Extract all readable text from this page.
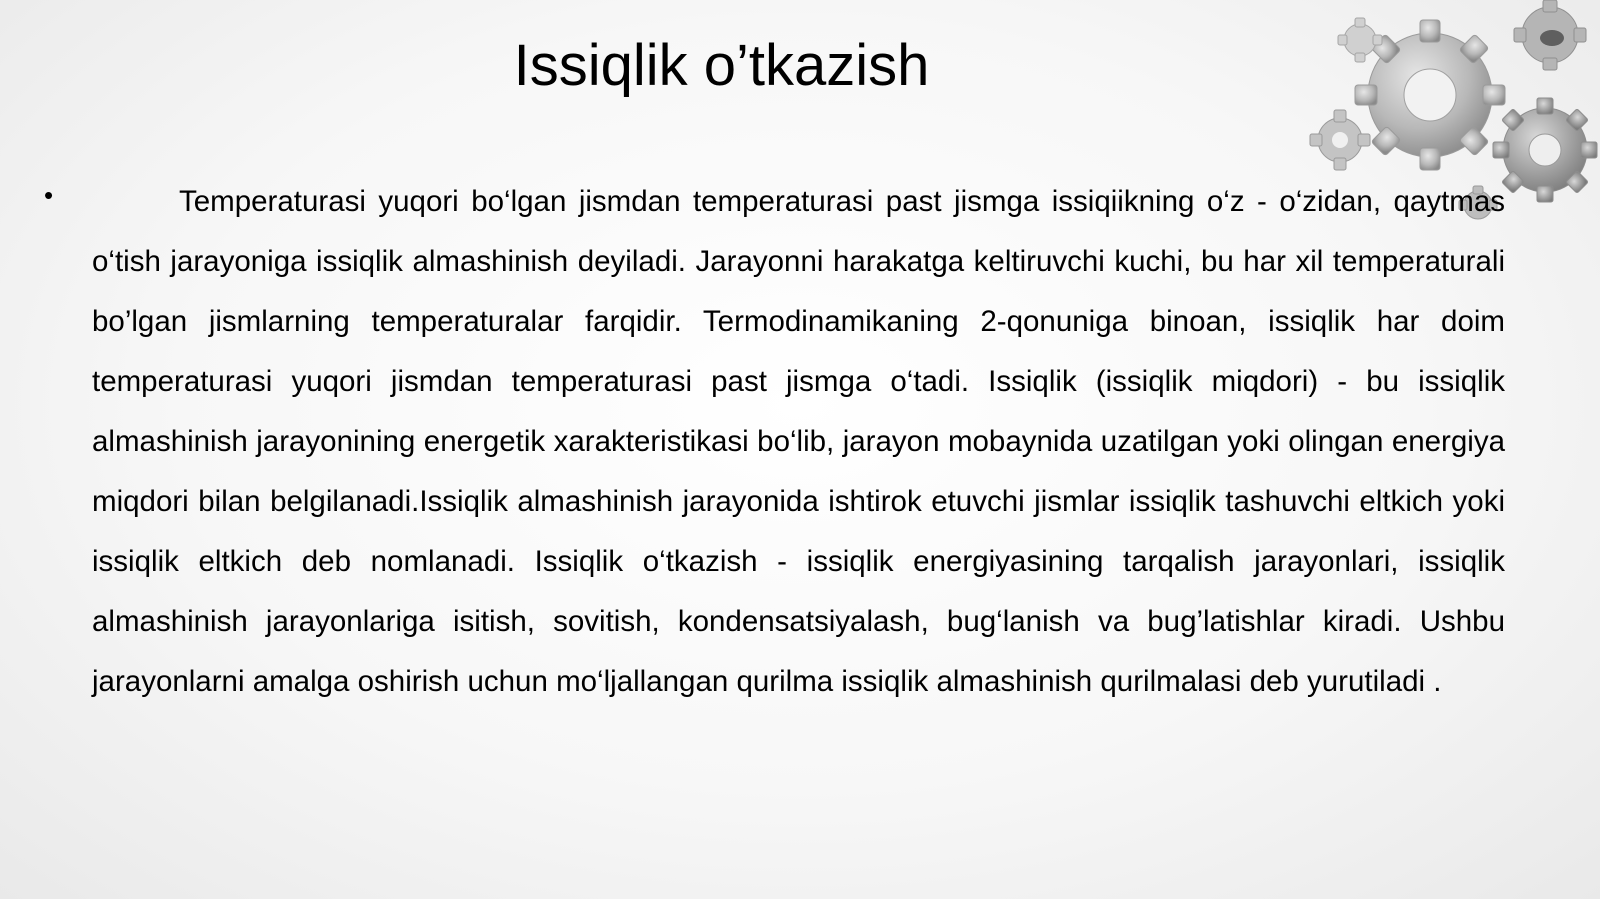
Issiqlik o’tkazish
•	Temperaturasi yuqori bo‘lgan jismdan temperaturasi past jismga issiqiikning o‘z - o‘zidan, qaytmas o‘tish jarayoniga issiqlik almashinish deyiladi. Jarayonni harakatga keltiruvchi kuchi, bu har xil temperaturali bo’lgan jismlarning temperaturalar farqidir. Termodinamikaning 2-qonuniga binoan, issiqlik har doim temperaturasi yuqori jismdan temperaturasi past jismga o‘tadi. Issiqlik (issiqlik miqdori) - bu issiqlik almashinish jarayonining energetik xarakteristikasi bo‘lib, jarayon mobaynida uzatilgan yoki olingan energiya miqdori bilan belgilanadi.Issiqlik almashinish jarayonida ishtirok etuvchi jismlar issiqlik tashuvchi eltkich yoki issiqlik eltkich deb nomlanadi. Issiqlik o‘tkazish - issiqlik energiyasining tarqalish jarayonlari, issiqlik almashinish jarayonlariga isitish, sovitish, kondensatsiyalash, bug‘lanish va bug’latishlar kiradi. Ushbu jarayonlarni amalga oshirish uchun mo‘ljallangan qurilma issiqlik almashinish qurilmalasi deb yurutiladi .
